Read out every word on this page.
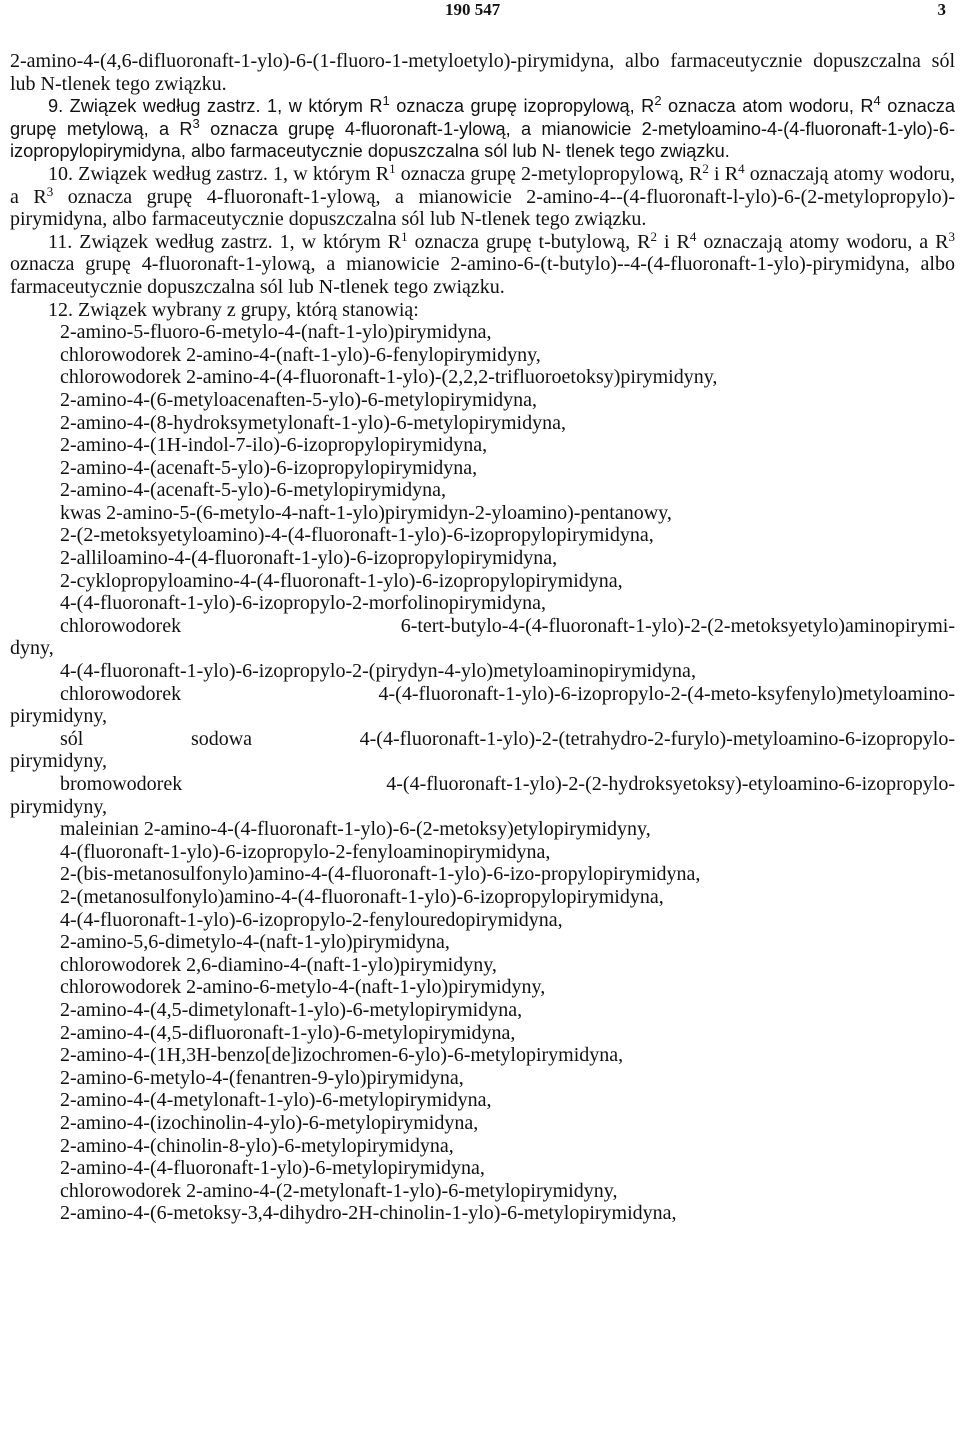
190 547	3

2-amino-4-(4,6-difluoronaft-1-ylo)-6-(1-fluoro-1-metyloetylo)-pirymidyna, albo farmaceutycznie dopuszczalna sól lub N-tlenek tego związku.

9. Związek według zastrz. 1, w którym $R^1$ oznacza grupę izopropylową, $R^2$ oznacza atom wodoru, $R^4$ oznacza grupę metylową, a $R^3$ oznacza grupę 4-fluoronaft-1-ylową, a mianowicie 2-metyloamino-4-(4-fluoronaft-1-ylo)-6-izopropylopirymidyna, albo farmaceutycznie dopuszczalna sól lub N- tlenek tego związku.

10. Związek według zastrz. 1, w którym $R^1$ oznacza grupę 2-metylopropylową, $R^2$ i $R^4$ oznaczają atomy wodoru, a $R^3$ oznacza grupę 4-fluoronaft-1-ylową, a mianowicie 2-amino-4--(4-fluoronaft-l-ylo)-6-(2-metylopropylo)-pirymidyna, albo farmaceutycznie dopuszczalna sól lub N-tlenek tego związku.

11. Związek według zastrz. 1, w którym $R^1$ oznacza grupę t-butylową, $R^2$ i $R^4$ oznaczają atomy wodoru, a $R^3$ oznacza grupę 4-fluoronaft-1-ylową, a mianowicie 2-amino-6-(t-butylo)--4-(4-fluoronaft-1-ylo)-pirymidyna, albo farmaceutycznie dopuszczalna sól lub N-tlenek tego związku.

12. Związek wybrany z grupy, którą stanowią:

2-amino-5-fluoro-6-metylo-4-(naft-1-ylo)pirymidyna,
chlorowodorek 2-amino-4-(naft-1-ylo)-6-fenylopirymidyny,
chlorowodorek 2-amino-4-(4-fluoronaft-1-ylo)-(2,2,2-trifluoroetoksy)pirymidyny,
2-amino-4-(6-metyloacenaften-5-ylo)-6-metylopirymidyna,
2-amino-4-(8-hydroksymetylonaft-1-ylo)-6-metylopirymidyna,
2-amino-4-(1H-indol-7-ilo)-6-izopropylopirymidyna,
2-amino-4-(acenaft-5-ylo)-6-izopropylopirymidyna,
2-amino-4-(acenaft-5-ylo)-6-metylopirymidyna,
kwas 2-amino-5-(6-metylo-4-naft-1-ylo)pirymidyn-2-yloamino)-pentanowy,
2-(2-metoksyetyloamino)-4-(4-fluoronaft-1-ylo)-6-izopropylopirymidyna,
2-alliloamino-4-(4-fluoronaft-1-ylo)-6-izopropylopirymidyna,
2-cyklopropyloamino-4-(4-fluoronaft-1-ylo)-6-izopropylopirymidyna,
4-(4-fluoronaft-1-ylo)-6-izopropylo-2-morfolinopirymidyna,
chlorowodorek 6-tert-butylo-4-(4-fluoronaft-1-ylo)-2-(2-metoksyetylo)aminopirymi-
dyny,
4-(4-fluoronaft-1-ylo)-6-izopropylo-2-(pirydyn-4-ylo)metyloaminopirymidyna,
chlorowodorek 4-(4-fluoronaft-1-ylo)-6-izopropylo-2-(4-meto-ksyfenylo)metyloamino-
pirymidyny,
sól sodowa 4-(4-fluoronaft-1-ylo)-2-(tetrahydro-2-furylo)-metyloamino-6-izopropylo-
pirymidyny,
bromowodorek 4-(4-fluoronaft-1-ylo)-2-(2-hydroksyetoksy)-etyloamino-6-izopropylo-
pirymidyny,
maleinian 2-amino-4-(4-fluoronaft-1-ylo)-6-(2-metoksy)etylopirymidyny,
4-(fluoronaft-1-ylo)-6-izopropylo-2-fenyloaminopirymidyna,
2-(bis-metanosulfonylo)amino-4-(4-fluoronaft-1-ylo)-6-izo-propylopirymidyna,
2-(metanosulfonylo)amino-4-(4-fluoronaft-1-ylo)-6-izopropylopirymidyna,
4-(4-fluoronaft-1-ylo)-6-izopropylo-2-fenylouredopirymidyna,
2-amino-5,6-dimetylo-4-(naft-1-ylo)pirymidyna,
chlorowodorek 2,6-diamino-4-(naft-1-ylo)pirymidyny,
chlorowodorek 2-amino-6-metylo-4-(naft-1-ylo)pirymidyny,
2-amino-4-(4,5-dimetylonaft-1-ylo)-6-metylopirymidyna,
2-amino-4-(4,5-difluoronaft-1-ylo)-6-metylopirymidyna,
2-amino-4-(1H,3H-benzo[de]izochromen-6-ylo)-6-metylopirymidyna,
2-amino-6-metylo-4-(fenantren-9-ylo)pirymidyna,
2-amino-4-(4-metylonaft-1-ylo)-6-metylopirymidyna,
2-amino-4-(izochinolin-4-ylo)-6-metylopirymidyna,
2-amino-4-(chinolin-8-ylo)-6-metylopirymidyna,
2-amino-4-(4-fluoronaft-1-ylo)-6-metylopirymidyna,
chlorowodorek 2-amino-4-(2-metylonaft-1-ylo)-6-metylopirymidyny,
2-amino-4-(6-metoksy-3,4-dihydro-2H-chinolin-1-ylo)-6-metylopirymidyna,
